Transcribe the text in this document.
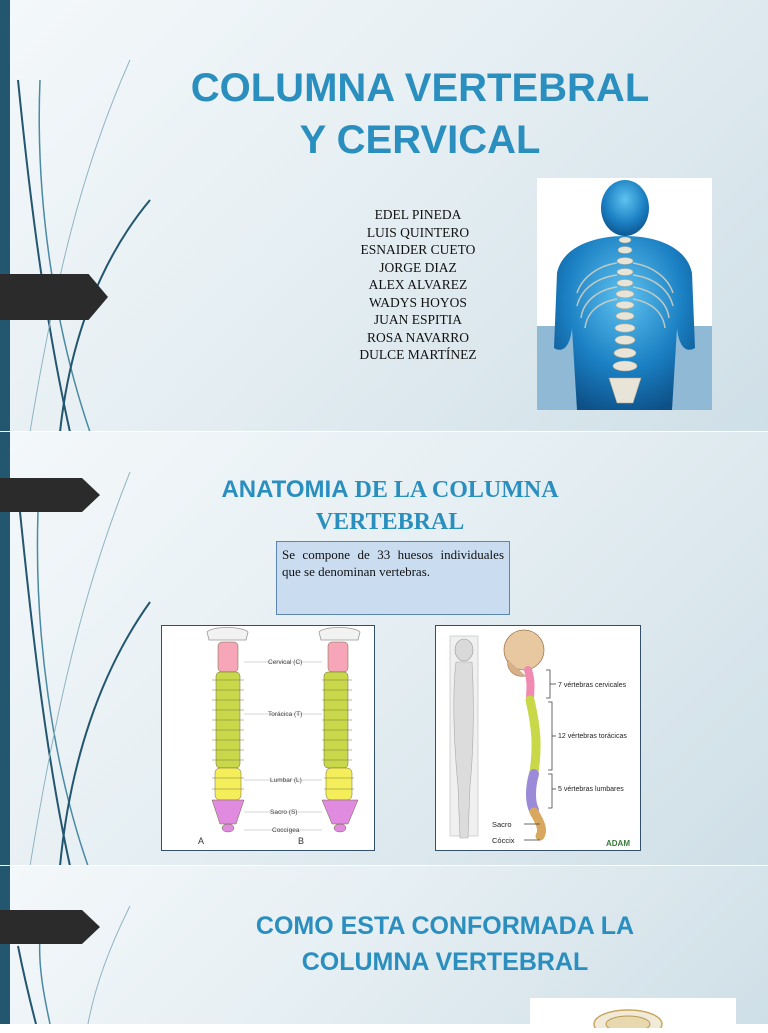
COLUMNA VERTEBRAL
Y CERVICAL
EDEL PINEDA
LUIS QUINTERO
ESNAIDER CUETO
JORGE DIAZ
ALEX ALVAREZ
WADYS HOYOS
JUAN ESPITIA
ROSA NAVARRO
DULCE MARTÍNEZ
ANATOMIA DE LA COLUMNA VERTEBRAL
Se compone de 33 huesos individuales que se denominan vertebras.
Cervical (C)
Torácica (T)
Lumbar (L)
Sacro (S)
Coccígea
A	B
7 vértebras cervicales
12 vértebras torácicas
5 vértebras lumbares
Sacro
Cóccix	ADAM
COMO ESTA CONFORMADA LA
COLUMNA VERTEBRAL
